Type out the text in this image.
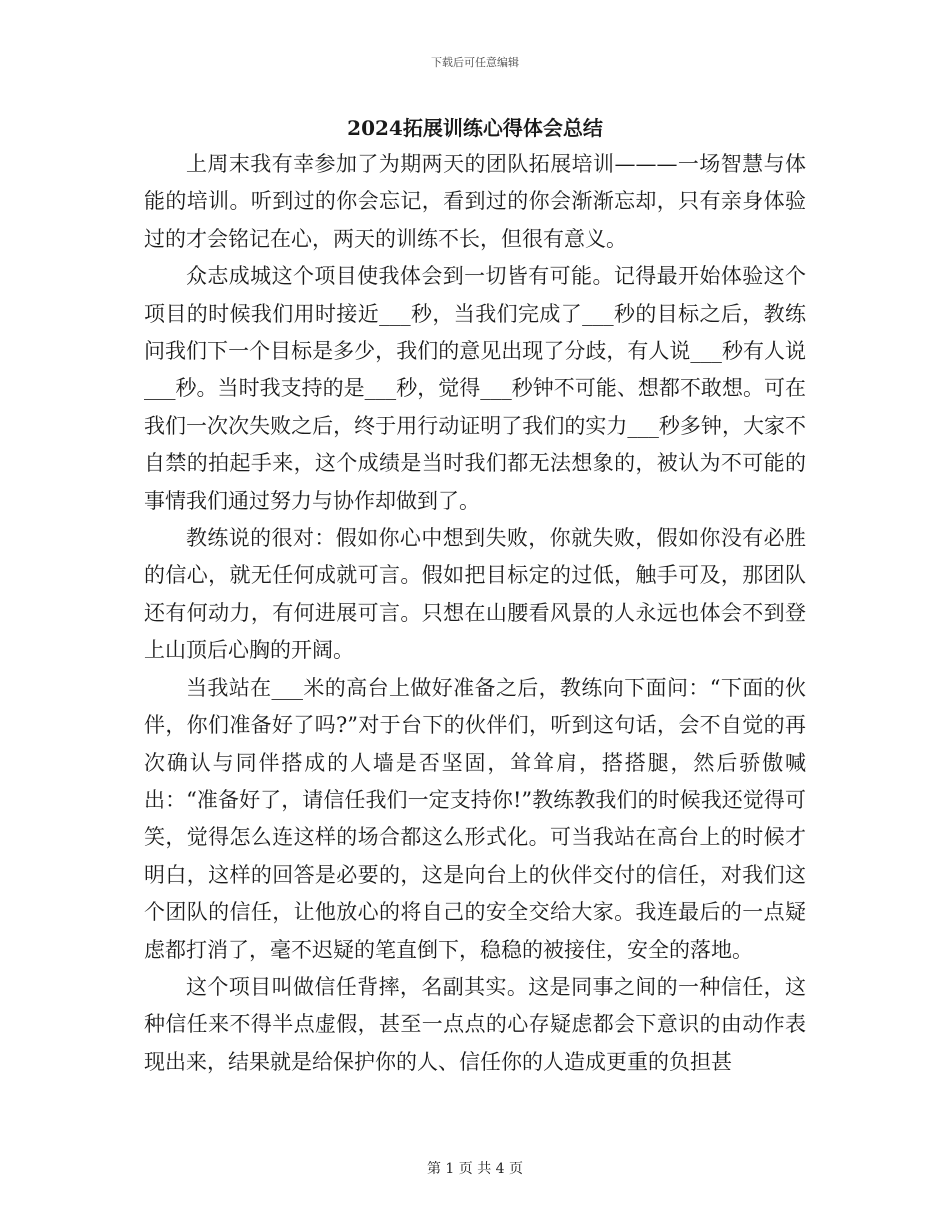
下载后可任意编辑
2024拓展训练心得体会总结

上周末我有幸参加了为期两天的团队拓展培训———一场智慧与体能的培训。听到过的你会忘记，看到过的你会渐渐忘却，只有亲身体验过的才会铭记在心，两天的训练不长，但很有意义。

众志成城这个项目使我体会到一切皆有可能。记得最开始体验这个项目的时候我们用时接近___秒，当我们完成了___秒的目标之后，教练问我们下一个目标是多少，我们的意见出现了分歧，有人说___秒有人说___秒。当时我支持的是___秒，觉得___秒钟不可能、想都不敢想。可在我们一次次失败之后，终于用行动证明了我们的实力___秒多钟，大家不自禁的拍起手来，这个成绩是当时我们都无法想象的，被认为不可能的事情我们通过努力与协作却做到了。

教练说的很对：假如你心中想到失败，你就失败，假如你没有必胜的信心，就无任何成就可言。假如把目标定的过低，触手可及，那团队还有何动力，有何进展可言。只想在山腰看风景的人永远也体会不到登上山顶后心胸的开阔。

当我站在___米的高台上做好准备之后，教练向下面问：“下面的伙伴，你们准备好了吗?”对于台下的伙伴们，听到这句话，会不自觉的再次确认与同伴搭成的人墙是否坚固，耸耸肩，搭搭腿，然后骄傲喊出：“准备好了，请信任我们一定支持你!”教练教我们的时候我还觉得可笑，觉得怎么连这样的场合都这么形式化。可当我站在高台上的时候才明白，这样的回答是必要的，这是向台上的伙伴交付的信任，对我们这个团队的信任，让他放心的将自己的安全交给大家。我连最后的一点疑虑都打消了，毫不迟疑的笔直倒下，稳稳的被接住，安全的落地。

这个项目叫做信任背摔，名副其实。这是同事之间的一种信任，这种信任来不得半点虚假，甚至一点点的心存疑虑都会下意识的由动作表现出来，结果就是给保护你的人、信任你的人造成更重的负担甚

第 1 页 共 4 页
